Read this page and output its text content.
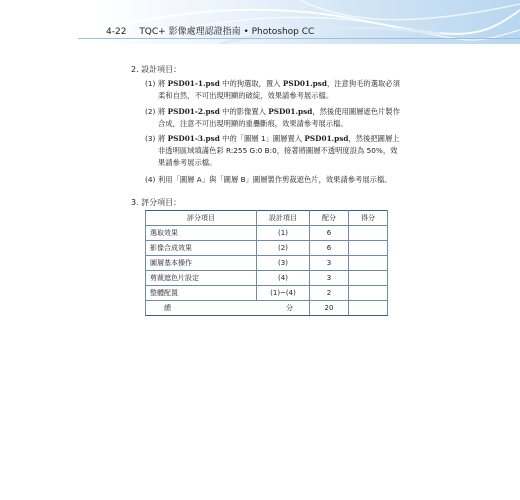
4-22 TQC+ 影像處理認證指南 • Photoshop CC
2. 設計項目：
(1) 將 PSD01-1.psd 中的狗選取，置入 PSD01.psd，注意狗毛的選取必須柔和自然，不可出現明顯的破綻，效果請參考展示檔。
(2) 將 PSD01-2.psd 中的影像置入 PSD01.psd，然後使用圖層遮色片製作合成，注意不可出現明顯的重疊斷痕，效果請參考展示檔。
(3) 將 PSD01-3.psd 中的「圖層 1」圖層置入 PSD01.psd，然後把圖層上非透明區域填滿色彩 R:255 G:0 B:0，接著將圖層不透明度設為 50%，效果請參考展示檔。
(4) 利用「圖層 A」與「圖層 B」圖層製作剪裁遮色片，效果請參考展示檔。
3. 評分項目：
評分項目	設計項目	配分	得分
選取效果	(1)	6	
影像合成效果	(2)	6	
圖層基本操作	(3)	3	
剪裁遮色片設定	(4)	3	
整體配置	(1)~(4)	2	
總 分		20	
